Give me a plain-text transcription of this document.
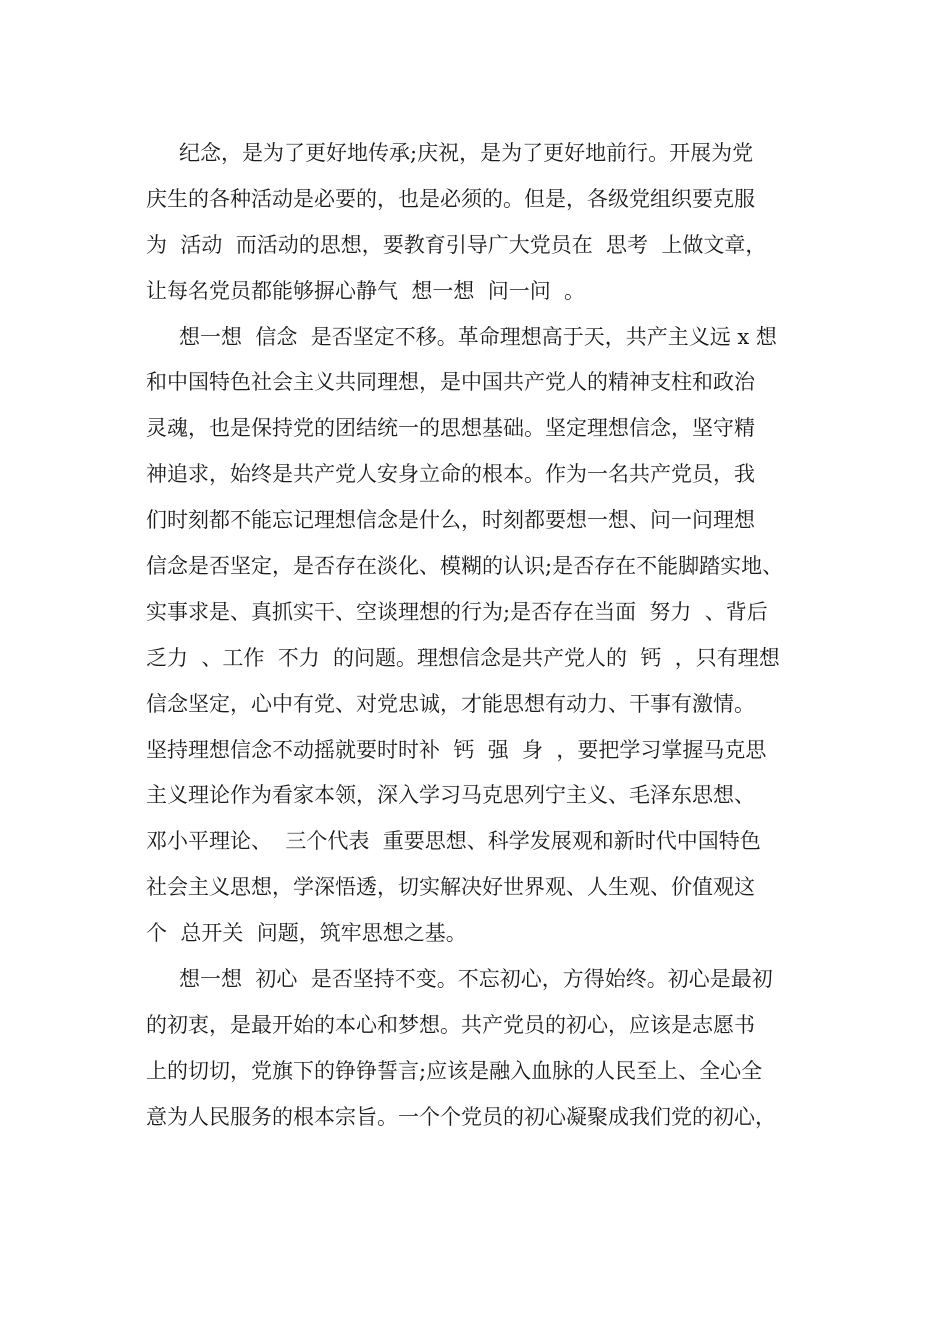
纪念，是为了更好地传承;庆祝，是为了更好地前行。开展为党
庆生的各种活动是必要的，也是必须的。但是，各级党组织要克服
为  活动  而活动的思想，要教育引导广大党员在  思考  上做文章，
让每名党员都能够摒心静气  想一想  问一问  。
想一想  信念  是否坚定不移。革命理想高于天，共产主义远 x 想
和中国特色社会主义共同理想，是中国共产党人的精神支柱和政治
灵魂，也是保持党的团结统一的思想基础。坚定理想信念，坚守精
神追求，始终是共产党人安身立命的根本。作为一名共产党员，我
们时刻都不能忘记理想信念是什么，时刻都要想一想、问一问理想
信念是否坚定，是否存在淡化、模糊的认识;是否存在不能脚踏实地、
实事求是、真抓实干、空谈理想的行为;是否存在当面  努力  、背后
乏力  、工作  不力  的问题。理想信念是共产党人的  钙  ，只有理想
信念坚定，心中有党、对党忠诚，才能思想有动力、干事有激情。
坚持理想信念不动摇就要时时补  钙  强  身  ，要把学习掌握马克思
主义理论作为看家本领，深入学习马克思列宁主义、毛泽东思想、
邓小平理论、  三个代表  重要思想、科学发展观和新时代中国特色
社会主义思想，学深悟透，切实解决好世界观、人生观、价值观这
个  总开关  问题，筑牢思想之基。
想一想  初心  是否坚持不变。不忘初心，方得始终。初心是最初
的初衷，是最开始的本心和梦想。共产党员的初心，应该是志愿书
上的切切，党旗下的铮铮誓言;应该是融入血脉的人民至上、全心全
意为人民服务的根本宗旨。一个个党员的初心凝聚成我们党的初心，
